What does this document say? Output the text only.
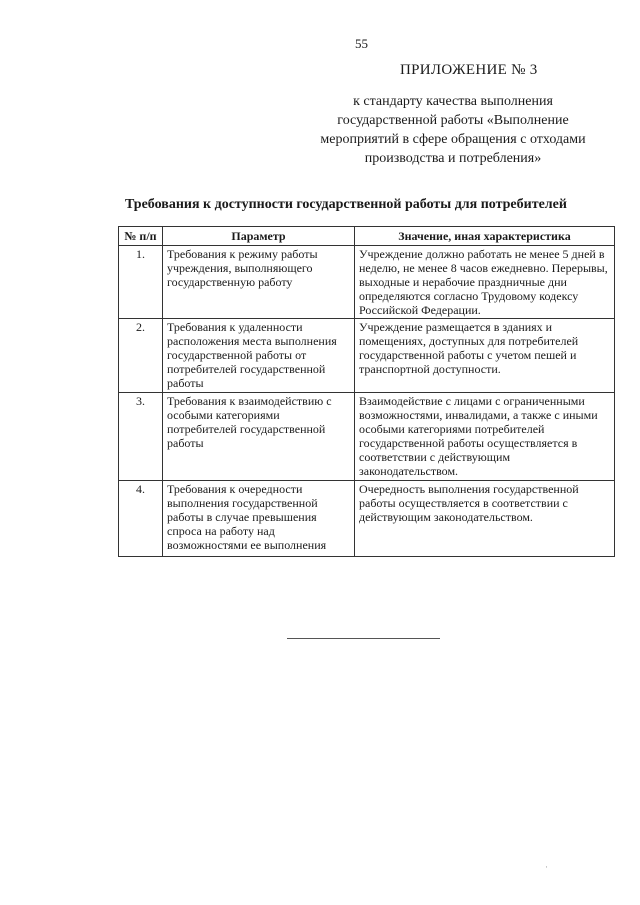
55
ПРИЛОЖЕНИЕ № 3
к стандарту качества выполнения государственной работы «Выполнение мероприятий в сфере обращения с отходами производства и потребления»
Требования к доступности государственной работы для потребителей
№ п/п	Параметр	Значение, иная характеристика
1.	Требования к режиму работы учреждения, выполняющего государственную работу	Учреждение должно работать не менее 5 дней в неделю, не менее 8 часов ежедневно. Перерывы, выходные и нерабочие праздничные дни определяются согласно Трудовому кодексу Российской Федерации.
2.	Требования к удаленности расположения места выполнения государственной работы от потребителей государственной работы	Учреждение размещается в зданиях и помещениях, доступных для потребителей государственной работы с учетом пешей и транспортной доступности.
3.	Требования к взаимодействию с особыми категориями потребителей государственной работы	Взаимодействие с лицами с ограниченными возможностями, инвалидами, а также с иными особыми категориями потребителей государственной работы осуществляется в соответствии с действующим законодательством.
4.	Требования к очередности выполнения государственной работы в случае превышения спроса на работу над возможностями ее выполнения	Очередность выполнения государственной работы осуществляется в соответствии с действующим законодательством.
·
